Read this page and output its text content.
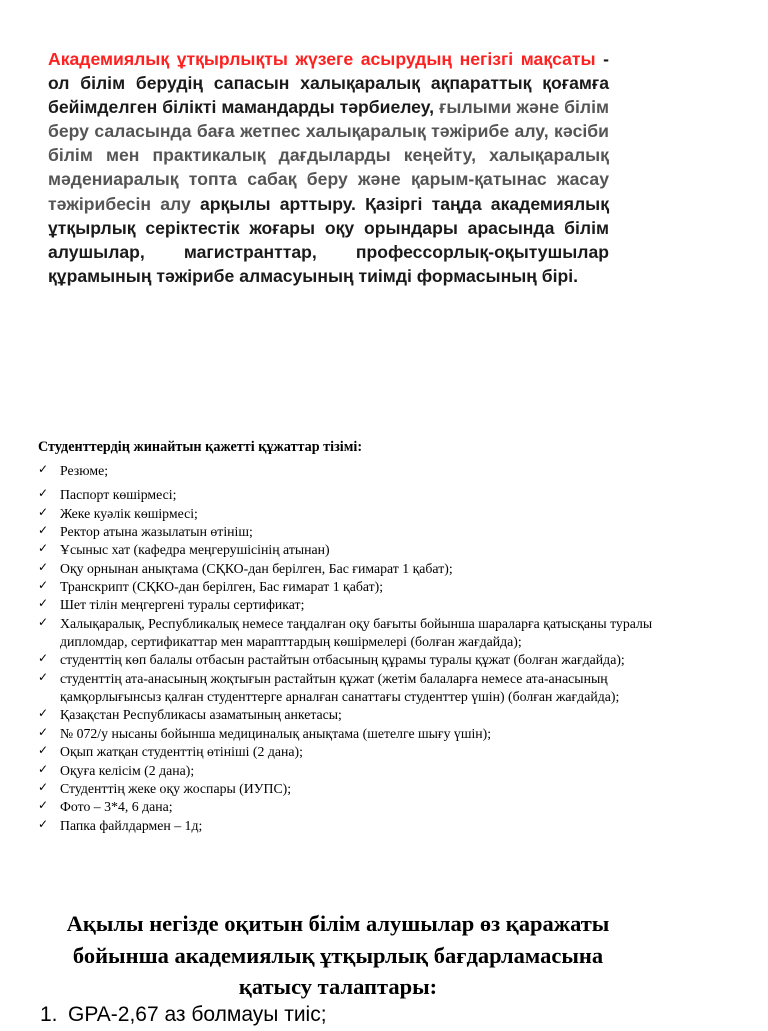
Академиялық ұтқырлықты жүзеге асырудың негізгі мақсаты - ол білім берудің сапасын халықаралық ақпараттық қоғамға бейімделген білікті мамандарды тәрбиелеу, ғылыми және білім беру саласында баға жетпес халықаралық тәжірибе алу, кәсіби білім мен практикалық дағдыларды кеңейту, халықаралық мәдениаралық топта сабақ беру және қарым-қатынас жасау тәжірибесін алу арқылы арттыру. Қазіргі таңда академиялық ұтқырлық серіктестік жоғары оқу орындары арасында білім алушылар, магистранттар, профессорлық-оқытушылар құрамының тәжірибе алмасуының тиімді формасының бірі.

Студенттердің жинайтын қажетті құжаттар тізімі:

✓ Резюме;
✓ Паспорт көшірмесі;
✓ Жеке куәлік көшірмесі;
✓ Ректор атына жазылатын өтініш;
✓ Ұсыныс хат (кафедра меңгерушісінің атынан)
✓ Оқу орнынан анықтама (СҚКО-дан берілген, Бас ғимарат 1 қабат);
✓ Транскрипт (СҚКО-дан берілген, Бас ғимарат 1 қабат);
✓ Шет тілін меңгергені туралы сертификат;
✓ Халықаралық, Республикалық немесе таңдалған оқу бағыты бойынша шараларға қатысқаны туралы дипломдар, сертификаттар мен марапттардың көшірмелері (болған жағдайда);
✓ студенттің көп балалы отбасын растайтын отбасының құрамы туралы құжат (болған жағдайда);
✓ студенттің ата-анасының жоқтығын растайтын құжат (жетім балаларға немесе ата-анасының қамқорлығынсыз қалған студенттерге арналған санаттағы студенттер үшін) (болған жағдайда);
✓ Қазақстан Республикасы азаматының анкетасы;
✓ № 072/у нысаны бойынша медициналық анықтама (шетелге шығу үшін);
✓ Оқып жатқан студенттің өтініші (2 дана);
✓ Оқуға келісім (2 дана);
✓ Студенттің жеке оқу жоспары (ИУПС);
✓ Фото – 3*4, 6 дана;
✓ Папка файлдармен – 1д;

Ақылы негізде оқитын білім алушылар өз қаражаты бойынша академиялық ұтқырлық бағдарламасына қатысу талаптары:

1. GPA-2,67 аз болмауы тиіс;
